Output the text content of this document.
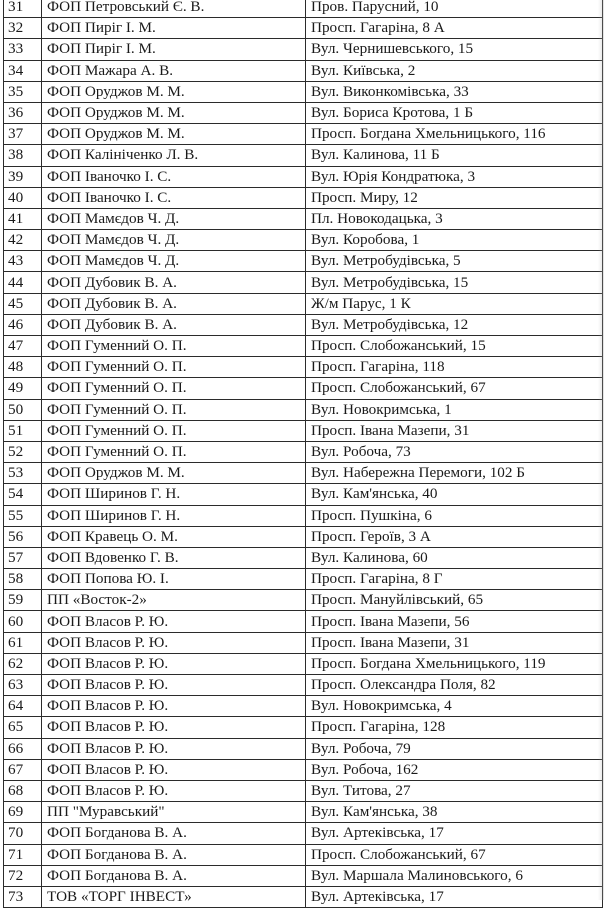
31	ФОП Петровський Є. В.	Пров. Парусний, 10
32	ФОП Пиріг І. М.	Просп. Гагаріна, 8 А
33	ФОП Пиріг І. М.	Вул. Чернишевського, 15
34	ФОП Мажара А. В.	Вул. Київська, 2
35	ФОП Оруджов М. М.	Вул. Виконкомівська, 33
36	ФОП Оруджов М. М.	Вул. Бориса Кротова, 1 Б
37	ФОП Оруджов М. М.	Просп. Богдана Хмельницького, 116
38	ФОП Калініченко Л. В.	Вул. Калинова, 11 Б
39	ФОП Іваночко І. С.	Вул. Юрія Кондратюка, 3
40	ФОП Іваночко І. С.	Просп. Миру, 12
41	ФОП Мамєдов Ч. Д.	Пл. Новокодацька, 3
42	ФОП Мамєдов Ч. Д.	Вул. Коробова, 1
43	ФОП Мамєдов Ч. Д.	Вул. Метробудівська, 5
44	ФОП Дубовик В. А.	Вул. Метробудівська, 15
45	ФОП Дубовик В. А.	Ж/м Парус, 1 К
46	ФОП Дубовик В. А.	Вул. Метробудівська, 12
47	ФОП Гуменний О. П.	Просп. Слобожанський, 15
48	ФОП Гуменний О. П.	Просп. Гагаріна, 118
49	ФОП Гуменний О. П.	Просп. Слобожанський, 67
50	ФОП Гуменний О. П.	Вул. Новокримська, 1
51	ФОП Гуменний О. П.	Просп. Івана Мазепи, 31
52	ФОП Гуменний О. П.	Вул. Робоча, 73
53	ФОП Оруджов М. М.	Вул. Набережна Перемоги, 102 Б
54	ФОП Ширинов Г. Н.	Вул. Кам'янська, 40
55	ФОП Ширинов Г. Н.	Просп. Пушкіна, 6
56	ФОП Кравець О. М.	Просп. Героїв, 3 А
57	ФОП Вдовенко Г. В.	Вул. Калинова, 60
58	ФОП Попова Ю. І.	Просп. Гагаріна, 8 Г
59	ПП «Восток-2»	Просп. Мануйлівський, 65
60	ФОП Власов Р. Ю.	Просп. Івана Мазепи, 56
61	ФОП Власов Р. Ю.	Просп. Івана Мазепи, 31
62	ФОП Власов Р. Ю.	Просп. Богдана Хмельницького, 119
63	ФОП Власов Р. Ю.	Просп. Олександра Поля, 82
64	ФОП Власов Р. Ю.	Вул. Новокримська, 4
65	ФОП Власов Р. Ю.	Просп. Гагаріна, 128
66	ФОП Власов Р. Ю.	Вул. Робоча, 79
67	ФОП Власов Р. Ю.	Вул. Робоча, 162
68	ФОП Власов Р. Ю.	Вул. Титова, 27
69	ПП "Муравський"	Вул. Кам'янська, 38
70	ФОП Богданова В. А.	Вул. Артеківська, 17
71	ФОП Богданова В. А.	Просп. Слобожанський, 67
72	ФОП Богданова В. А.	Вул. Маршала Малиновського, 6
73	ТОВ «ТОРГ ІНВЕСТ»	Вул. Артеківська, 17
